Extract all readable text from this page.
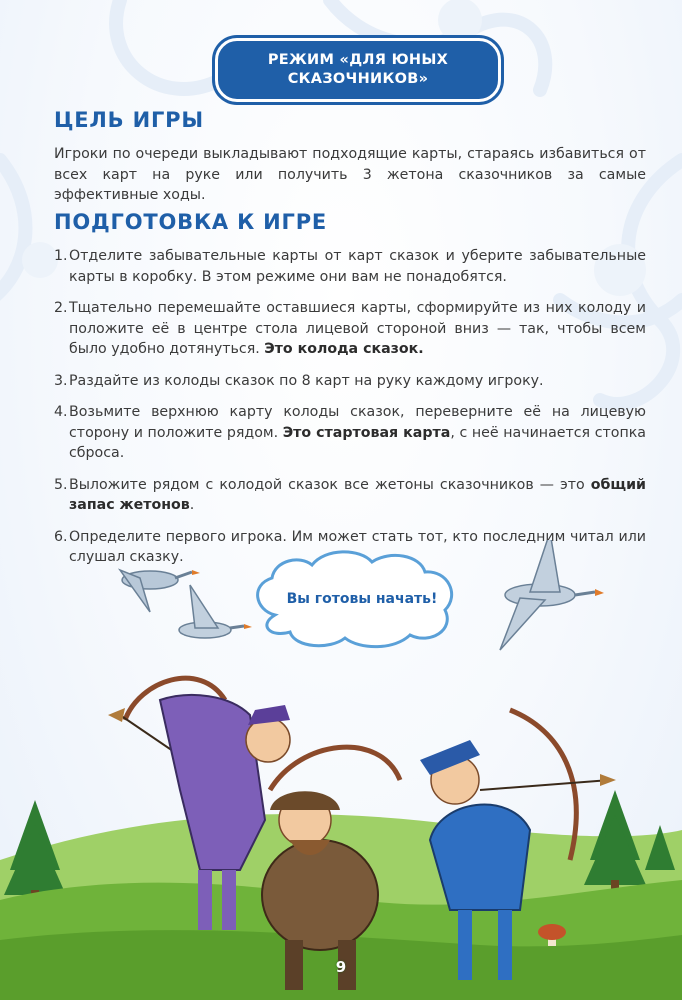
РЕЖИМ «ДЛЯ ЮНЫХ
СКАЗОЧНИКОВ»
ЦЕЛЬ ИГРЫ

Игроки по очереди выкладывают подходящие карты, стараясь избавиться от всех карт на руке или получить 3 жетона сказочников за самые эффективные ходы.

ПОДГОТОВКА К ИГРЕ
1. Отделите забывательные карты от карт сказок и уберите забывательные карты в коробку. В этом режиме они вам не понадобятся.
2. Тщательно перемешайте оставшиеся карты, сформируйте из них колоду и положите её в центре стола лицевой стороной вниз — так, чтобы всем было удобно дотянуться. Это колода сказок.
3. Раздайте из колоды сказок по 8 карт на руку каждому игроку.
4. Возьмите верхнюю карту колоды сказок, переверните её на лицевую сторону и положите рядом. Это стартовая карта, с неё начинается стопка сброса.
5. Выложите рядом с колодой сказок все жетоны сказочников — это общий запас жетонов.
6. Определите первого игрока. Им может стать тот, кто последним читал или слушал сказку.
Вы готовы начать!
9
